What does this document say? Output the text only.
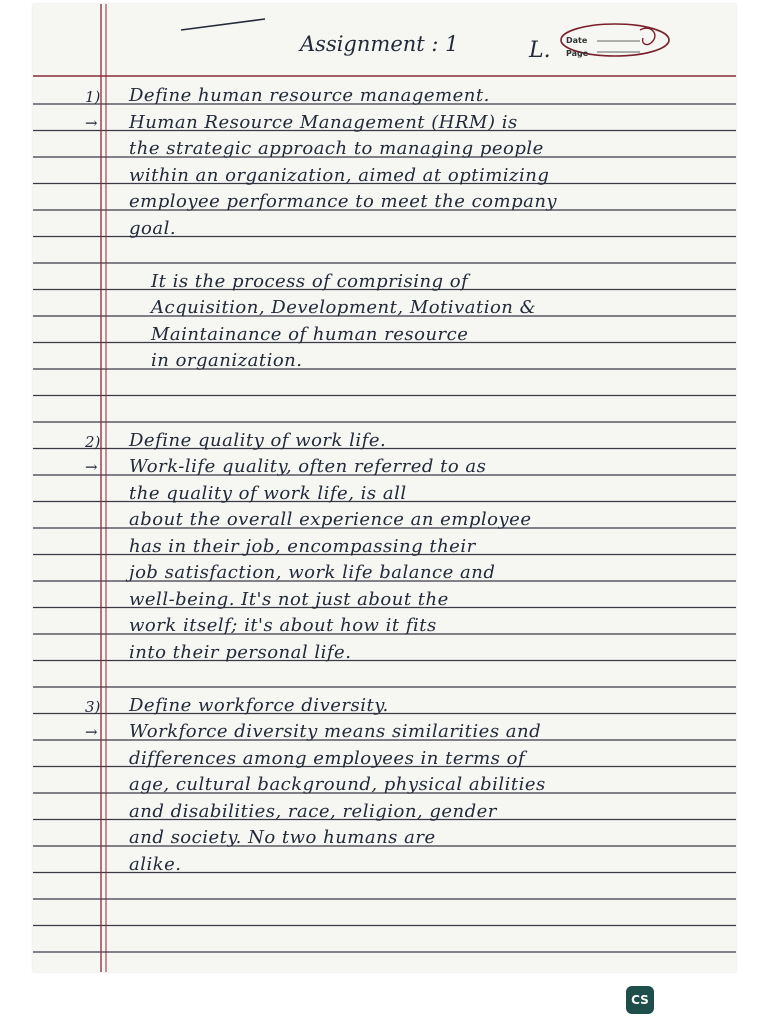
Assignment : 1	L.
1) Define human resource management.
→ Human Resource Management (HRM) is
the strategic approach to managing people
within an organization, aimed at optimizing
employee performance to meet the company
goal.
It is the process of comprising of
Acquisition, Development, Motivation &
Maintainance of human resource
in organization.
2) Define quality of work life.
→ Work-life quality, often referred to as
the quality of work life, is all
about the overall experience an employee
has in their job, encompassing their
job satisfaction, work life balance and
well-being. It's not just about the
work itself; it's about how it fits
into their personal life.
3) Define workforce diversity.
→ Workforce diversity means similarities and
differences among employees in terms of
age, cultural background, physical abilities
and disabilities, race, religion, gender
and society. No two humans are
alike.
Date
Page
CS
